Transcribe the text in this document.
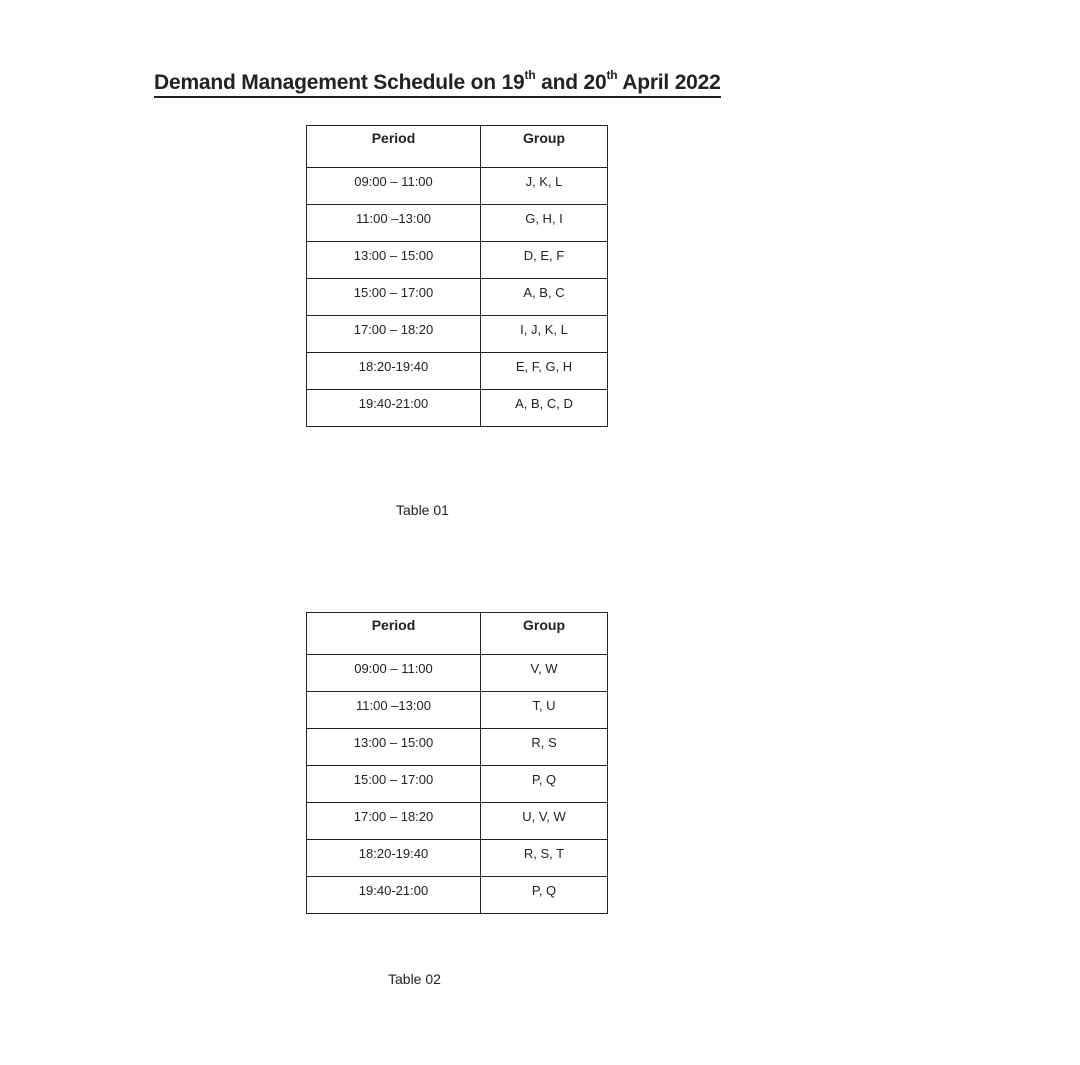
Demand Management Schedule on 19th and 20th April 2022
Period	Group
09:00 – 11:00	J, K, L
11:00 –13:00	G, H, I
13:00 – 15:00	D, E, F
15:00 – 17:00	A, B, C
17:00 – 18:20	I, J, K, L
18:20-19:40	E, F, G, H
19:40-21:00	A, B, C, D
Table 01
Period	Group
09:00 – 11:00	V, W
11:00 –13:00	T, U
13:00 – 15:00	R, S
15:00 – 17:00	P, Q
17:00 – 18:20	U, V, W
18:20-19:40	R, S, T
19:40-21:00	P, Q
Table 02
